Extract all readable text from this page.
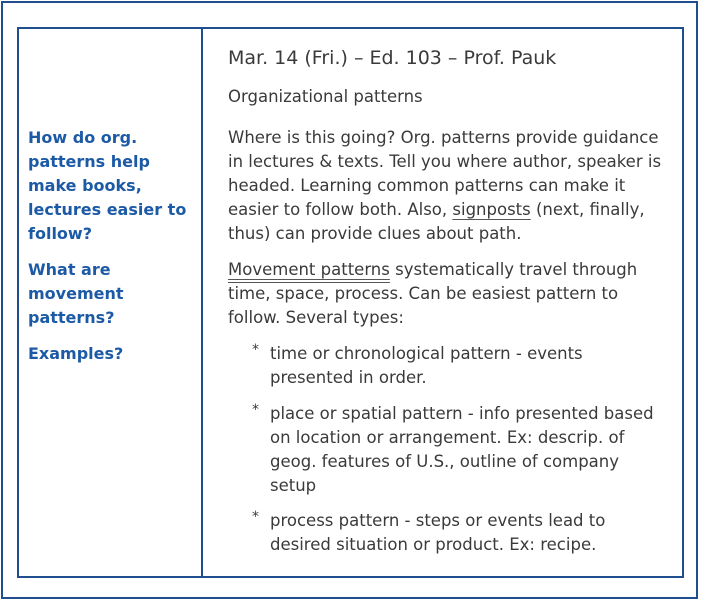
Mar. 14 (Fri.) – Ed. 103 – Prof. Pauk
Organizational patterns
How do org. patterns help make books, lectures easier to follow?
What are movement patterns?
Examples?
Where is this going? Org. patterns provide guidance
in lectures & texts. Tell you where author, speaker is
headed. Learning common patterns can make it
easier to follow both. Also, signposts (next, finally,
thus) can provide clues about path.
Movement patterns systematically travel through
time, space, process. Can be easiest pattern to
follow. Several types:
* time or chronological pattern - events presented in order.
* place or spatial pattern - info presented based on location or arrangement. Ex: descrip. of geog. features of U.S., outline of company setup
* process pattern - steps or events lead to desired situation or product. Ex: recipe.
